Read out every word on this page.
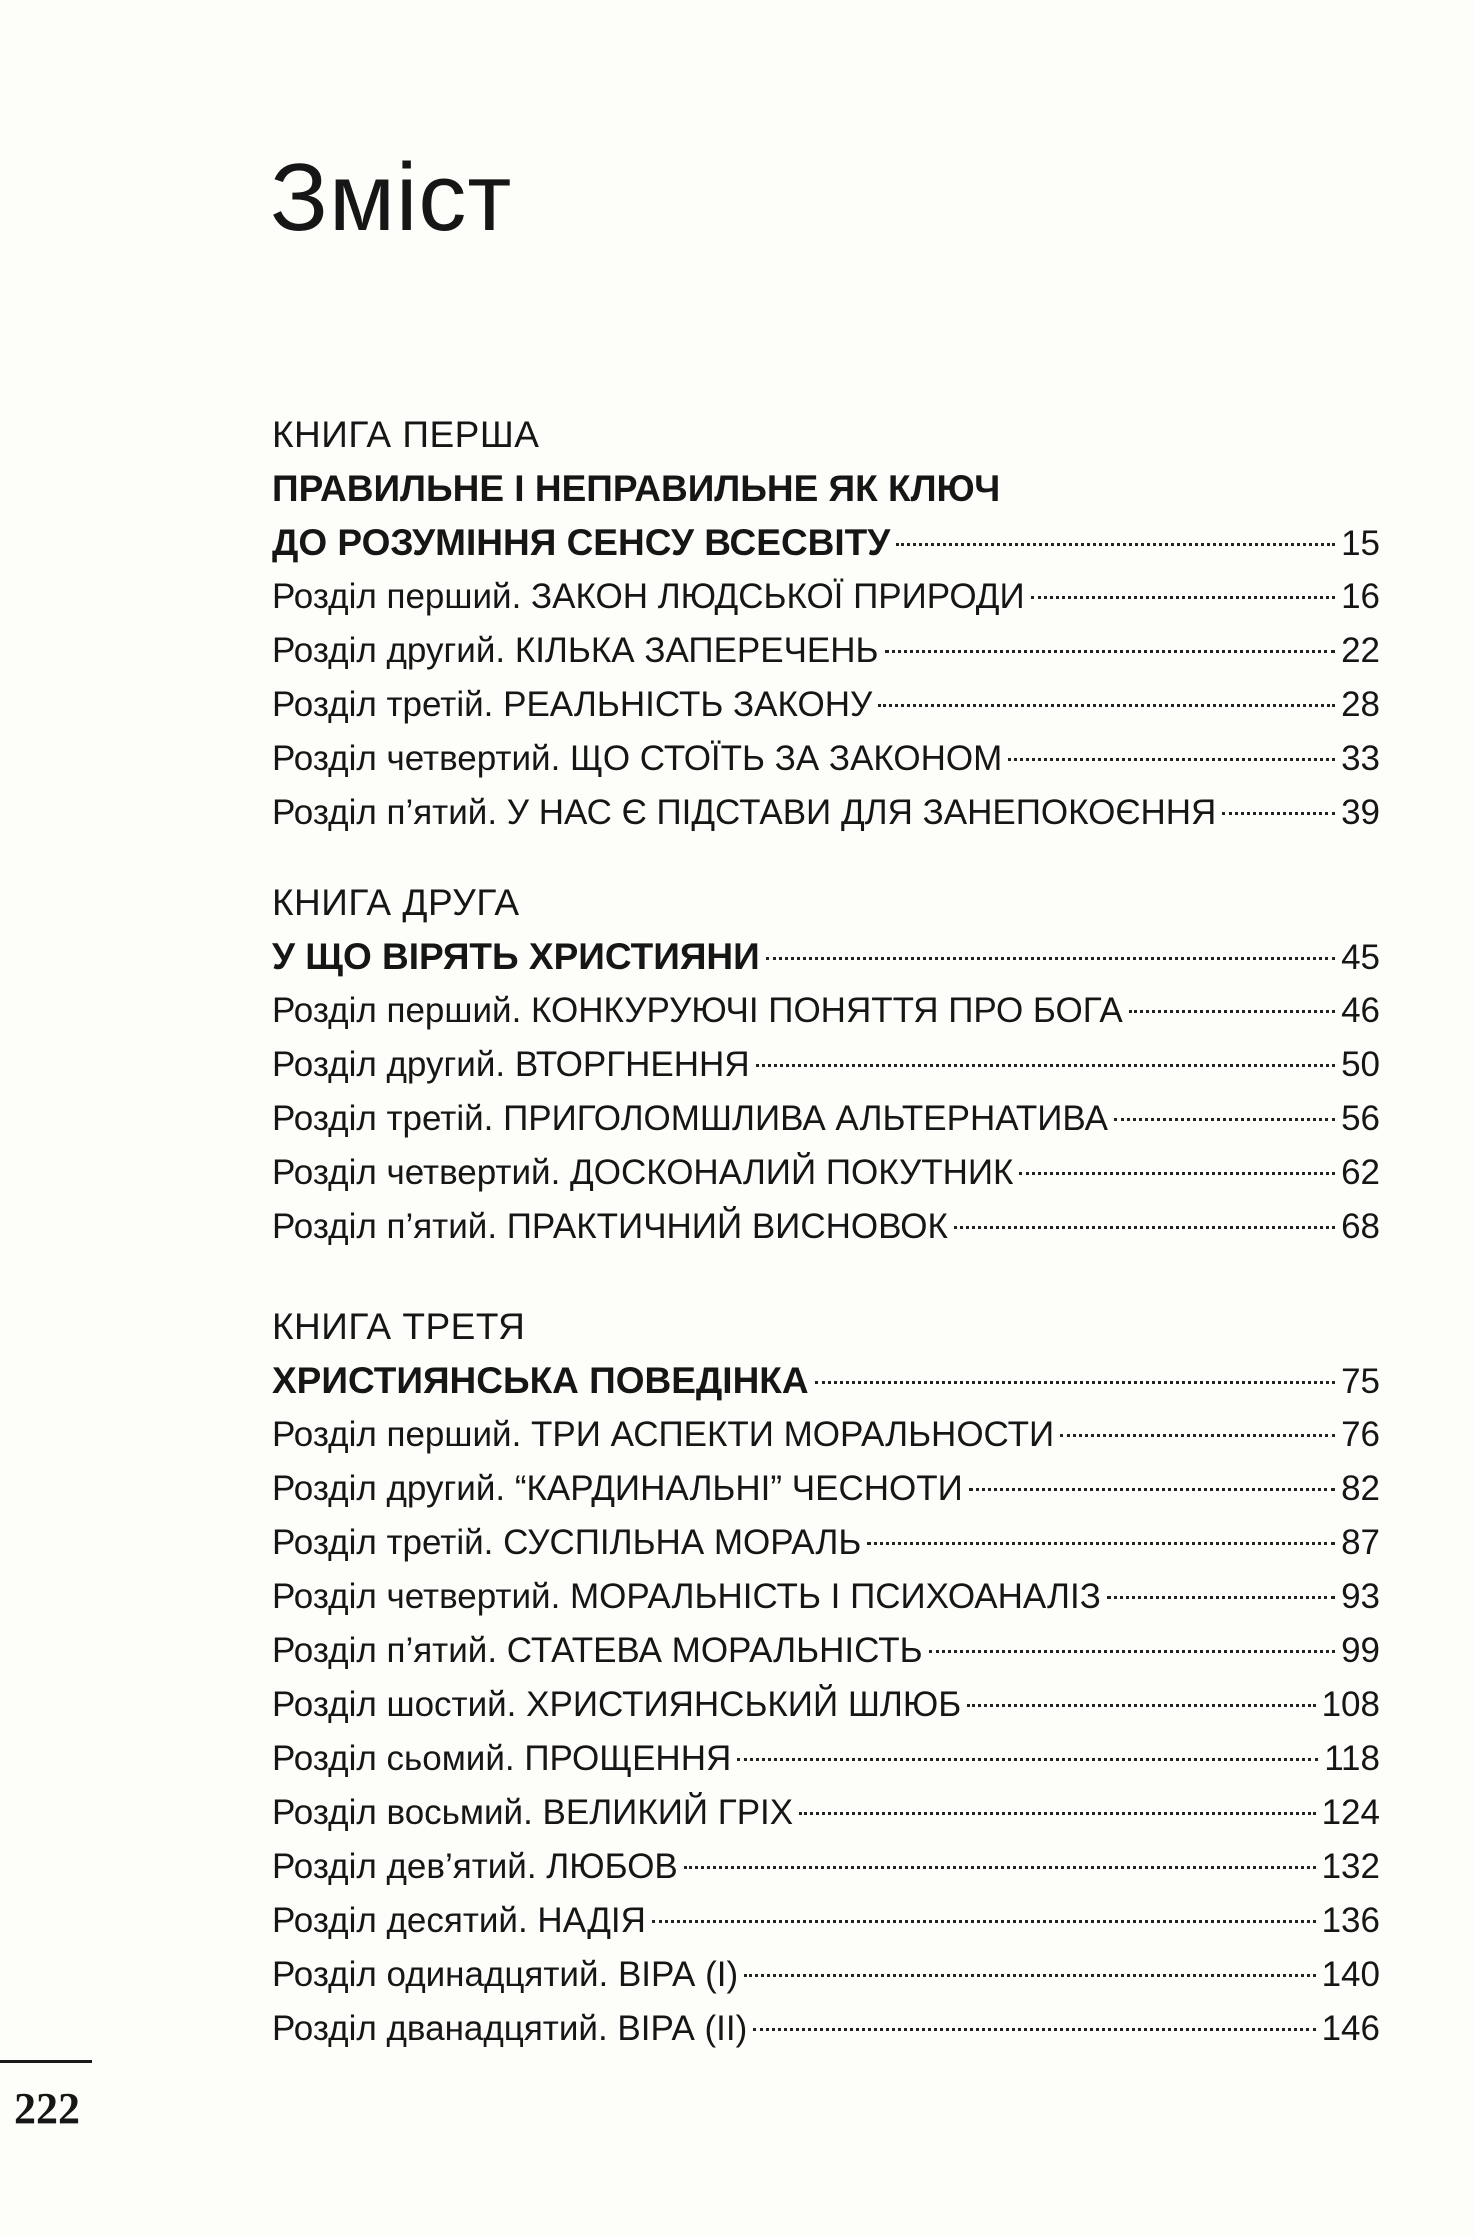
Зміст
КНИГА ПЕРША
ПРАВИЛЬНЕ І НЕПРАВИЛЬНЕ ЯК КЛЮЧ
ДО РОЗУМІННЯ СЕНСУ ВСЕСВІТУ	15
Розділ перший. ЗАКОН ЛЮДСЬКОЇ ПРИРОДИ	16
Розділ другий. КІЛЬКА ЗАПЕРЕЧЕНЬ	22
Розділ третій. РЕАЛЬНІСТЬ ЗАКОНУ	28
Розділ четвертий. ЩО СТОЇТЬ ЗА ЗАКОНОМ	33
Розділ п’ятий. У НАС Є ПІДСТАВИ ДЛЯ ЗАНЕПОКОЄННЯ	39
КНИГА ДРУГА
У ЩО ВІРЯТЬ ХРИСТИЯНИ	45
Розділ перший. КОНКУРУЮЧІ ПОНЯТТЯ ПРО БОГА	46
Розділ другий. ВТОРГНЕННЯ	50
Розділ третій. ПРИГОЛОМШЛИВА АЛЬТЕРНАТИВА	56
Розділ четвертий. ДОСКОНАЛИЙ ПОКУТНИК	62
Розділ п’ятий. ПРАКТИЧНИЙ ВИСНОВОК	68
КНИГА ТРЕТЯ
ХРИСТИЯНСЬКА ПОВЕДІНКА	75
Розділ перший. ТРИ АСПЕКТИ МОРАЛЬНОСТИ	76
Розділ другий. “КАРДИНАЛЬНІ” ЧЕСНОТИ	82
Розділ третій. СУСПІЛЬНА МОРАЛЬ	87
Розділ четвертий. МОРАЛЬНІСТЬ І ПСИХОАНАЛІЗ	93
Розділ п’ятий. СТАТЕВА МОРАЛЬНІСТЬ	99
Розділ шостий. ХРИСТИЯНСЬКИЙ ШЛЮБ	108
Розділ сьомий. ПРОЩЕННЯ	118
Розділ восьмий. ВЕЛИКИЙ ГРІХ	124
Розділ дев’ятий. ЛЮБОВ	132
Розділ десятий. НАДІЯ	136
Розділ одинадцятий. ВІРА (І)	140
Розділ дванадцятий. ВІРА (ІІ)	146
222
